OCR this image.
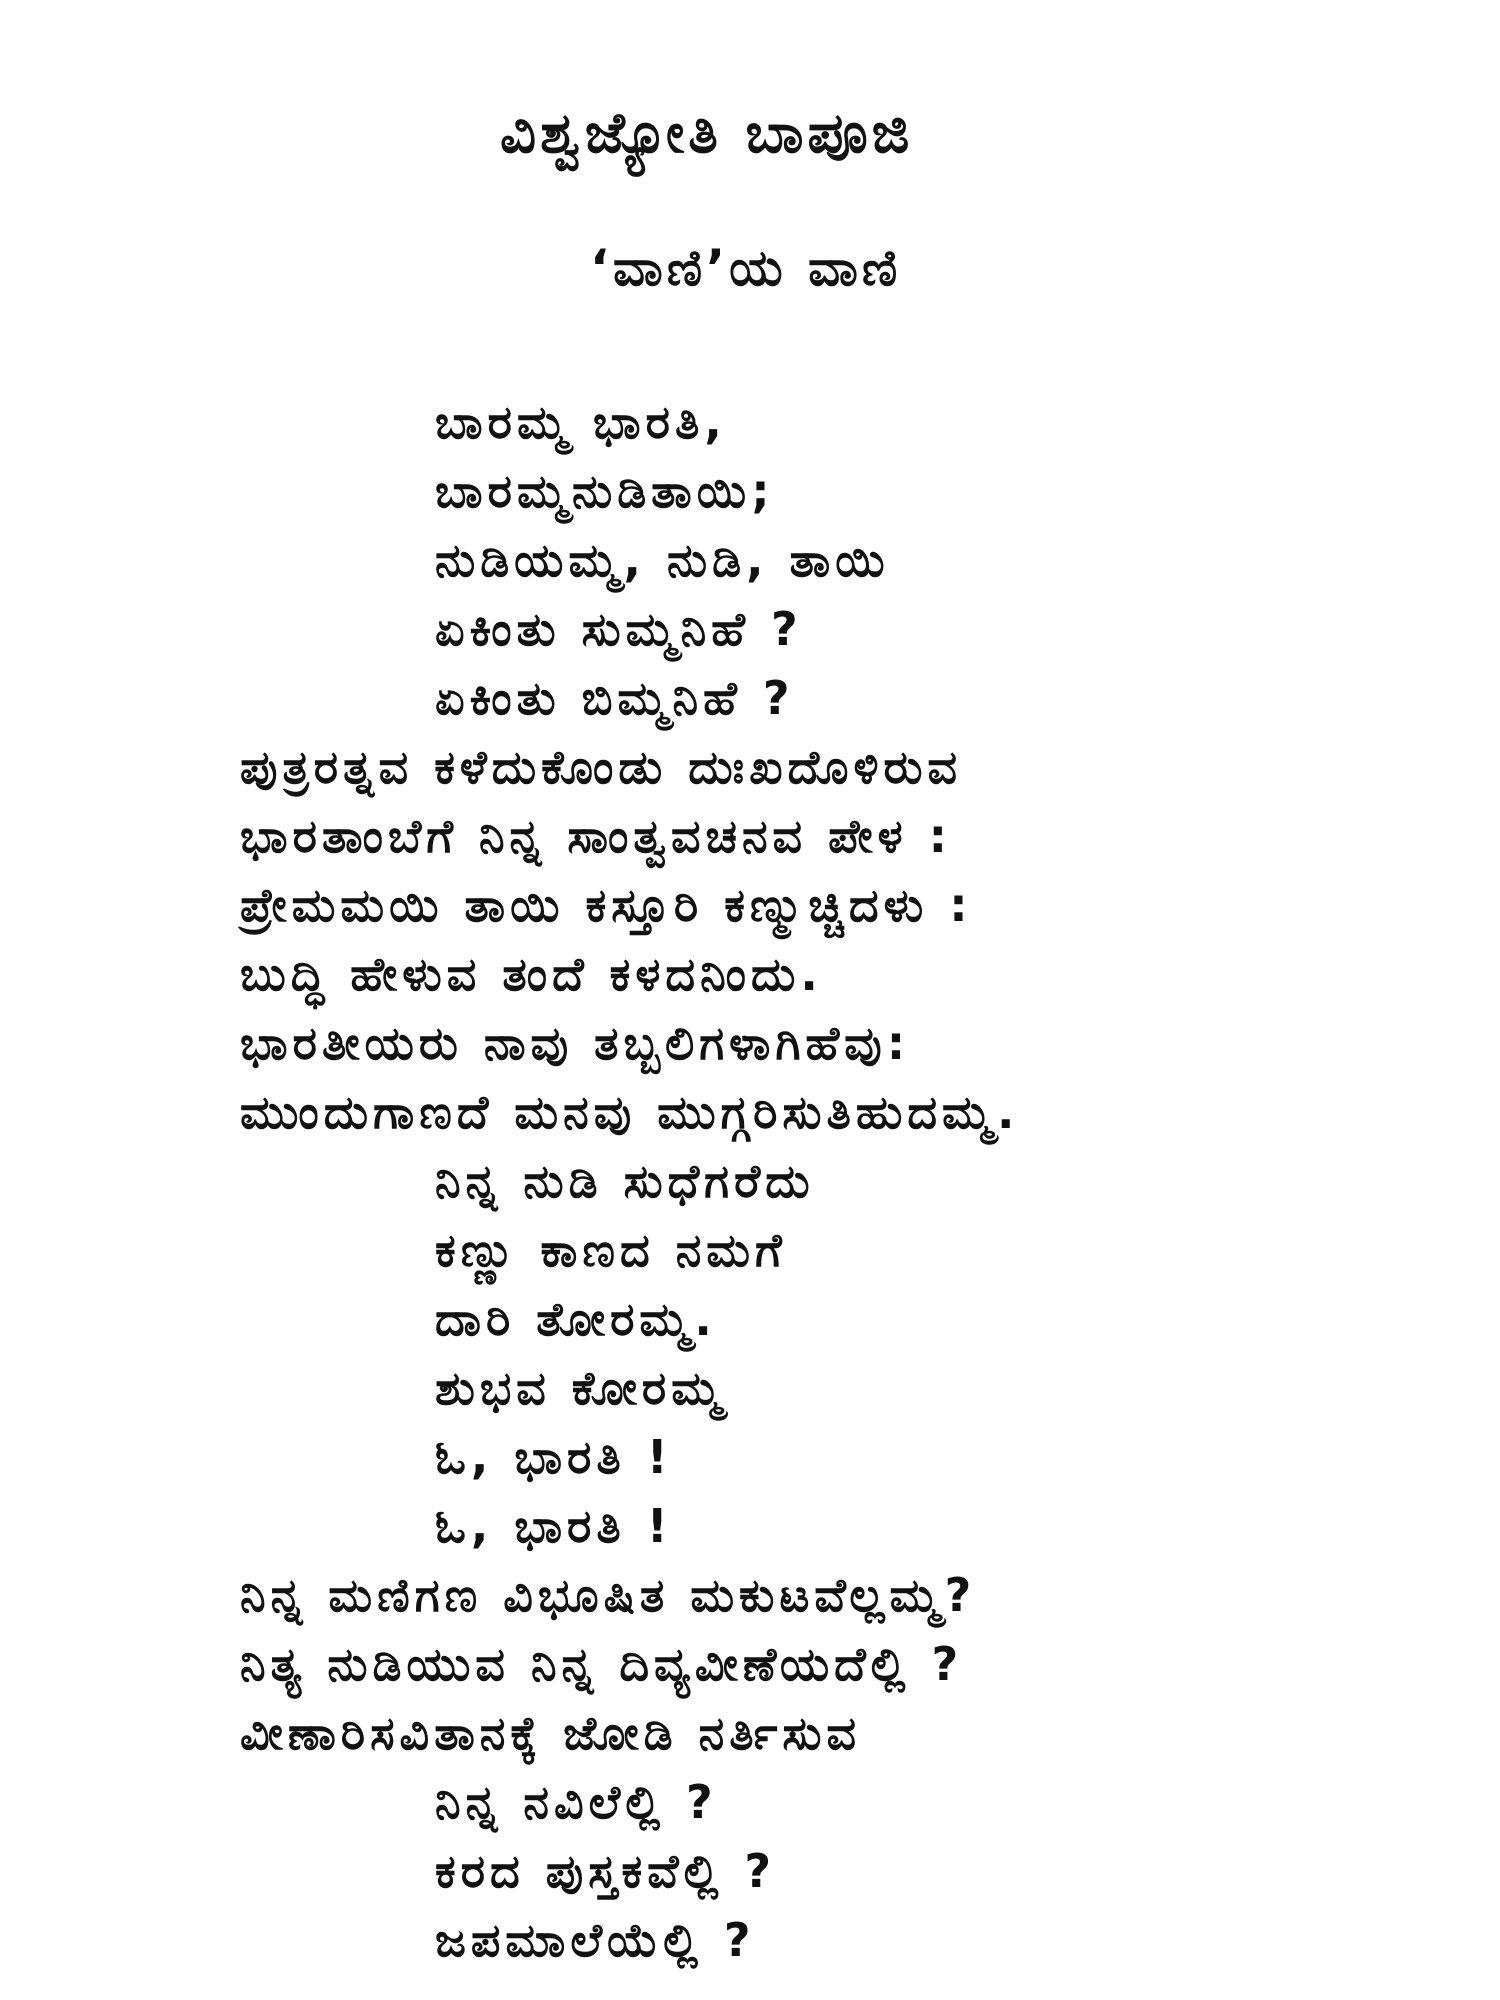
ವಿಶ್ವಜ್ಯೋತಿ ಬಾಪೂಜಿ
‘ವಾಣಿ’ಯ ವಾಣಿ
ಬಾರಮ್ಮ ಭಾರತಿ,
ಬಾರಮ್ಮನುಡಿತಾಯಿ;
ನುಡಿಯಮ್ಮ, ನುಡಿ, ತಾಯಿ
ಏಕಿಂತು ಸುಮ್ಮನಿಹೆ ?
ಏಕಿಂತು ಬಿಮ್ಮನಿಹೆ ?
ಪುತ್ರರತ್ನವ ಕಳೆದುಕೊಂಡು ದುಃಖದೊಳಿರುವ
ಭಾರತಾಂಬೆಗೆ ನಿನ್ನ ಸಾಂತ್ವವಚನವ ಪೇಳ :
ಪ್ರೇಮಮಯಿ ತಾಯಿ ಕಸ್ತೂರಿ ಕಣ್ಮುಚ್ಚಿದಳು :
ಬುದ್ಧಿ ಹೇಳುವ ತಂದೆ ಕಳದನಿಂದು.
ಭಾರತೀಯರು ನಾವು ತಬ್ಬಲಿಗಳಾಗಿಹೆವು:
ಮುಂದುಗಾಣದೆ ಮನವು ಮುಗ್ಗರಿಸುತಿಹುದಮ್ಮ.
ನಿನ್ನ ನುಡಿ ಸುಧೆಗರೆದು
ಕಣ್ಣು ಕಾಣದ ನಮಗೆ
ದಾರಿ ತೋರಮ್ಮ.
ಶುಭವ ಕೋರಮ್ಮ
ಓ, ಭಾರತಿ !
ಓ, ಭಾರತಿ !
ನಿನ್ನ ಮಣಿಗಣ ವಿಭೂಷಿತ ಮಕುಟವೆಲ್ಲಮ್ಮ?
ನಿತ್ಯ ನುಡಿಯುವ ನಿನ್ನ ದಿವ್ಯವೀಣೆಯದೆಲ್ಲಿ ?
ವೀಣಾರಿಸವಿತಾನಕ್ಕೆ ಜೋಡಿ ನರ್ತಿಸುವ
ನಿನ್ನ ನವಿಲೆಲ್ಲಿ ?
ಕರದ ಪುಸ್ತಕವೆಲ್ಲಿ ?
ಜಪಮಾಲೆಯೆಲ್ಲಿ ?
